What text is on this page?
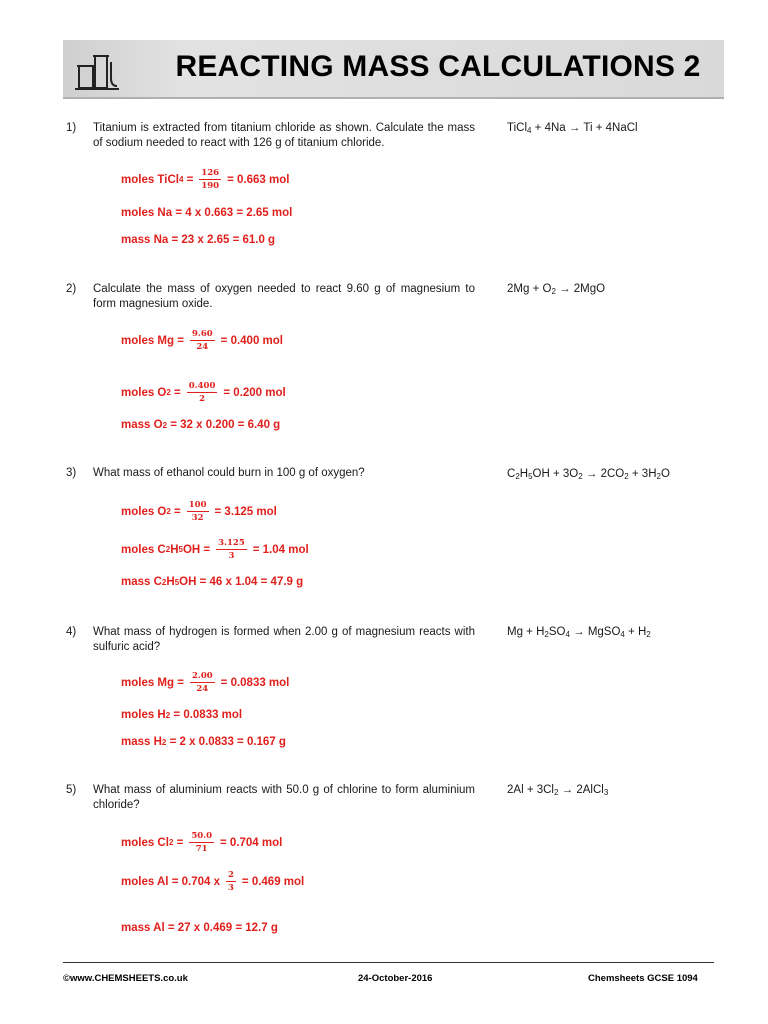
REACTING MASS CALCULATIONS 2
1) Titanium is extracted from titanium chloride as shown. Calculate the mass of sodium needed to react with 126 g of titanium chloride.
TiCl$_4$ + 4Na → Ti + 4NaCl
moles TiCl 4
= $\frac{126}{190} = 0.663$ mol
moles Na = 4 x 0.663 = 2.65 mol
mass Na = 23 x 2.65 = 61.0 g
2) Calculate the mass of oxygen needed to react 9.60 g of magnesium to form magnesium oxide.
$2Mg + O_2 \to 2MgO$
moles $Mg = \frac{9.60}{24} = 0.400$ mol
moles O 2
= $\frac{0.400}{2} = 0.200$ mol
mass O 2
= 32 x 0.200 = 6.40 g
3) What mass of ethanol could burn in 100 g of oxygen?	$C_2H_5OH + 3O_2 \to 2CO_2 + 3H_2O$
moles O 2
= $\frac{100}{32} = 3.125$ mol
moles C 2 H 5 OH = $\frac{3.125}{3} = 1.04$ mol
mass C 2 H 5 OH = 46 x 1.04 = 47.9 g
4) What mass of hydrogen is formed when 2.00 g of magnesium reacts with sulfuric acid?
$Mg + H_2SO_4$ → MgSO$_4$ + $H_2$
moles $Mg = \frac{2.00}{24} = 0.0833$ mol
moles H 2
= 0.0833 mol
mass H 2
= 2 x 0.0833 = 0.167 g
5) What mass of aluminium reacts with 50.0 g of chlorine to form aluminium chloride?
$2Al + 3Cl_2$ → 2AlCl$_3$
moles Cl 2
= $\frac{50.0}{71} = 0.704$ mol
moles Al = 0.704 x $\frac{2}{3} = 0.469$ mol
mass Al = 27 x 0.469 = 12.7 g
©www.CHEMSHEETS.co.uk	24-October-2016	Chemsheets GCSE 1094
